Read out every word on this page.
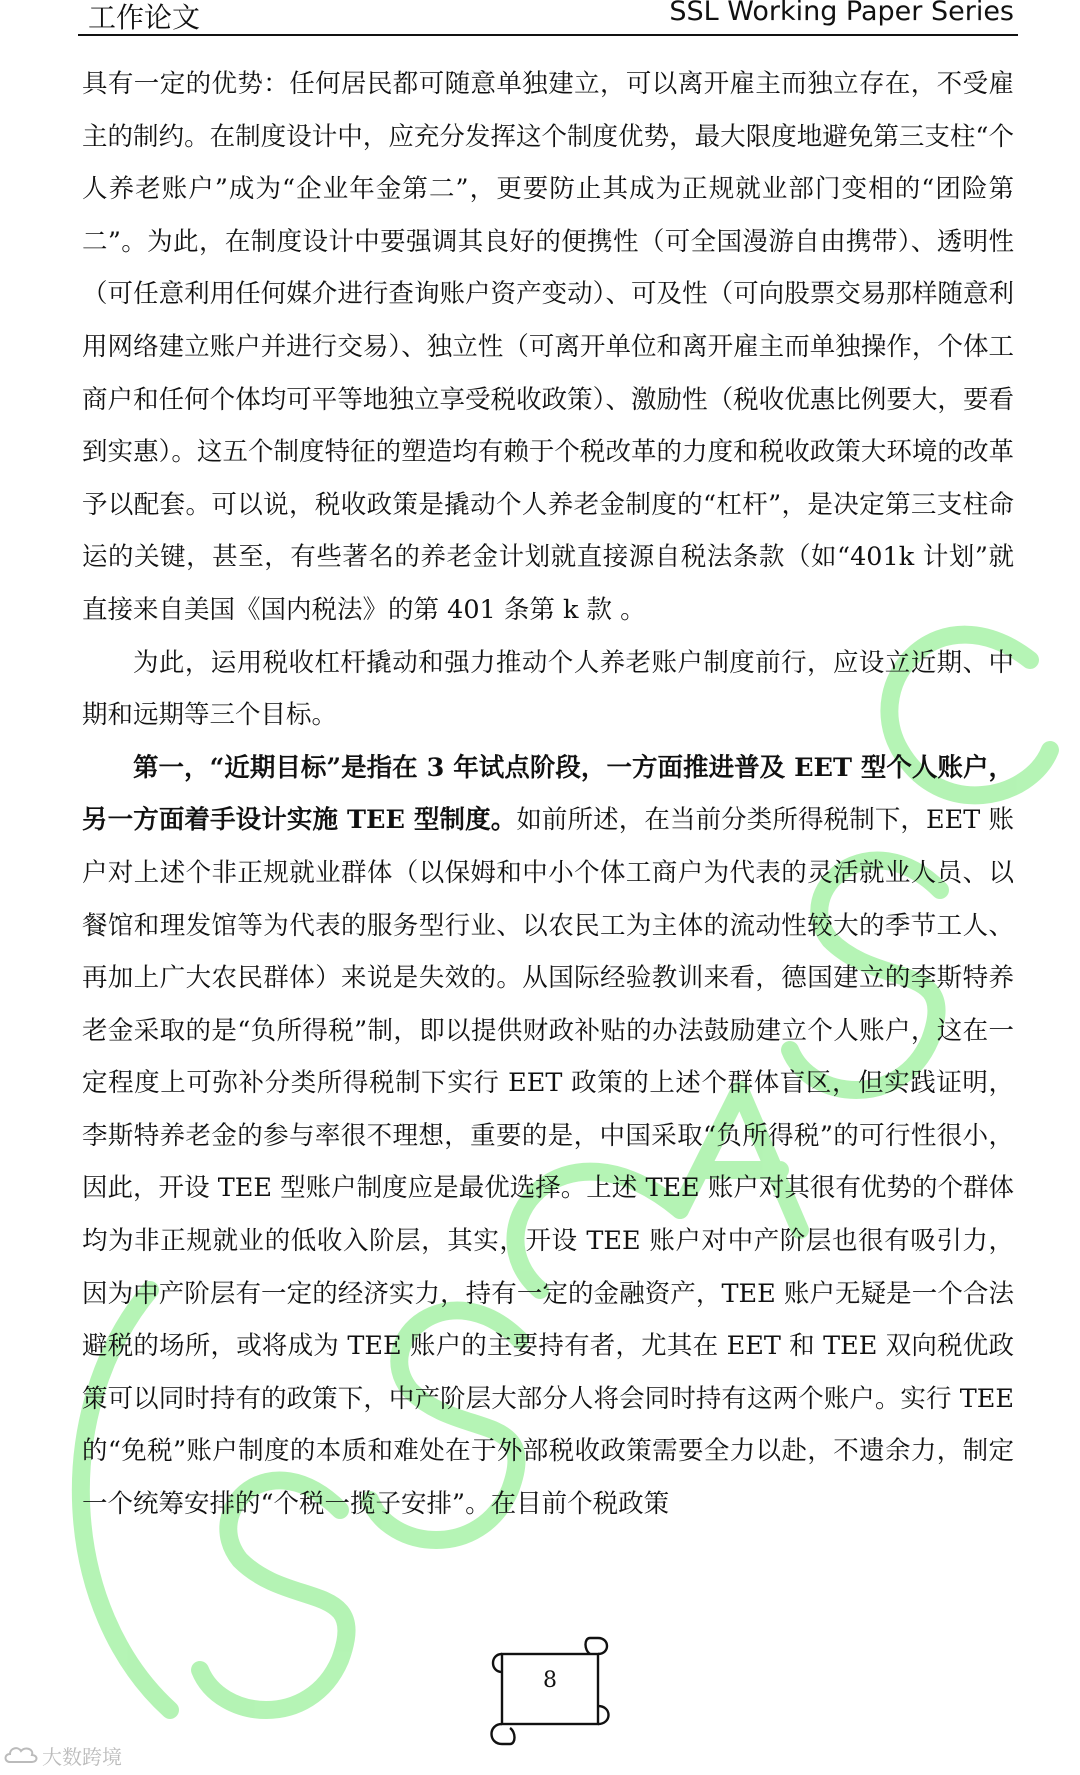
工作论文	SSL Working Paper Series

具有一定的优势：任何居民都可随意单独建立，可以离开雇主而独立存在，不受雇主的制约。在制度设计中，应充分发挥这个制度优势，最大限度地避免第三支柱“个人养老账户”成为“企业年金第二”，更要防止其成为正规就业部门变相的“团险第二”。为此，在制度设计中要强调其良好的便携性（可全国漫游自由携带）、透明性（可任意利用任何媒介进行查询账户资产变动）、可及性（可向股票交易那样随意利用网络建立账户并进行交易）、独立性（可离开单位和离开雇主而单独操作，个体工商户和任何个体均可平等地独立享受税收政策）、激励性（税收优惠比例要大，要看到实惠）。这五个制度特征的塑造均有赖于个税改革的力度和税收政策大环境的改革予以配套。可以说，税收政策是撬动个人养老金制度的“杠杆”，是决定第三支柱命运的关键，甚至，有些著名的养老金计划就直接源自税法条款（如“401k 计划”就直接来自美国《国内税法》的第 401 条第 k 款 。

为此，运用税收杠杆撬动和强力推动个人养老账户制度前行，应设立近期、中期和远期等三个目标。

第一，“近期目标”是指在 3 年试点阶段，一方面推进普及 EET 型个人账户，另一方面着手设计实施 TEE 型制度。如前所述，在当前分类所得税制下，EET 账户对上述个非正规就业群体（以保姆和中小个体工商户为代表的灵活就业人员、以餐馆和理发馆等为代表的服务型行业、以农民工为主体的流动性较大的季节工人、再加上广大农民群体）来说是失效的。从国际经验教训来看，德国建立的李斯特养老金采取的是“负所得税”制，即以提供财政补贴的办法鼓励建立个人账户，这在一定程度上可弥补分类所得税制下实行 EET 政策的上述个群体盲区，但实践证明，李斯特养老金的参与率很不理想，重要的是，中国采取“负所得税”的可行性很小，因此，开设 TEE 型账户制度应是最优选择。上述 TEE 账户对其很有优势的个群体均为非正规就业的低收入阶层，其实，开设 TEE 账户对中产阶层也很有吸引力，因为中产阶层有一定的经济实力，持有一定的金融资产，TEE 账户无疑是一个合法避税的场所，或将成为 TEE 账户的主要持有者，尤其在 EET 和 TEE 双向税优政策可以同时持有的政策下，中产阶层大部分人将会同时持有这两个账户。实行 TEE 的“免税”账户制度的本质和难处在于外部税收政策需要全力以赴，不遗余力，制定一个统筹安排的“个税一揽子安排”。在目前个税政策

8
大数跨境
